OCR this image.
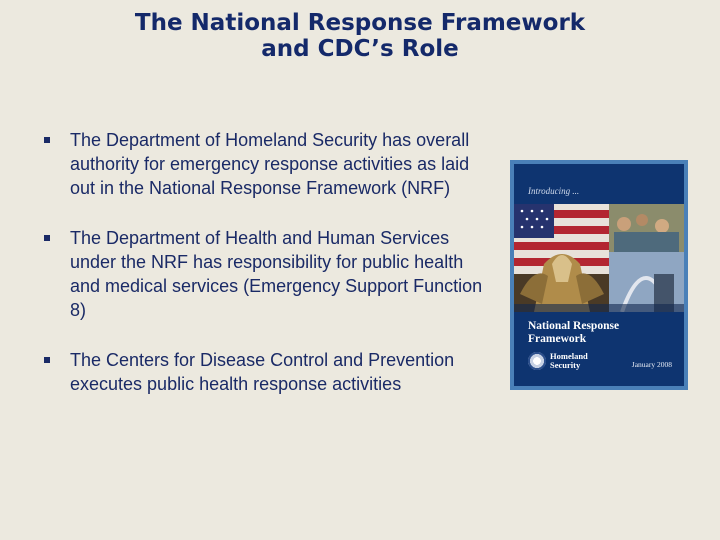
The National Response Framework
and CDC’s Role
The Department of Homeland Security has overall authority for emergency response activities as laid out in the National Response Framework (NRF)
The Department of Health and Human Services under the NRF has responsibility for public health and medical services (Emergency Support Function 8)
The Centers for Disease Control and Prevention executes public health response activities
Introducing ...
National Response
Framework
Homeland
Security	January 2008
